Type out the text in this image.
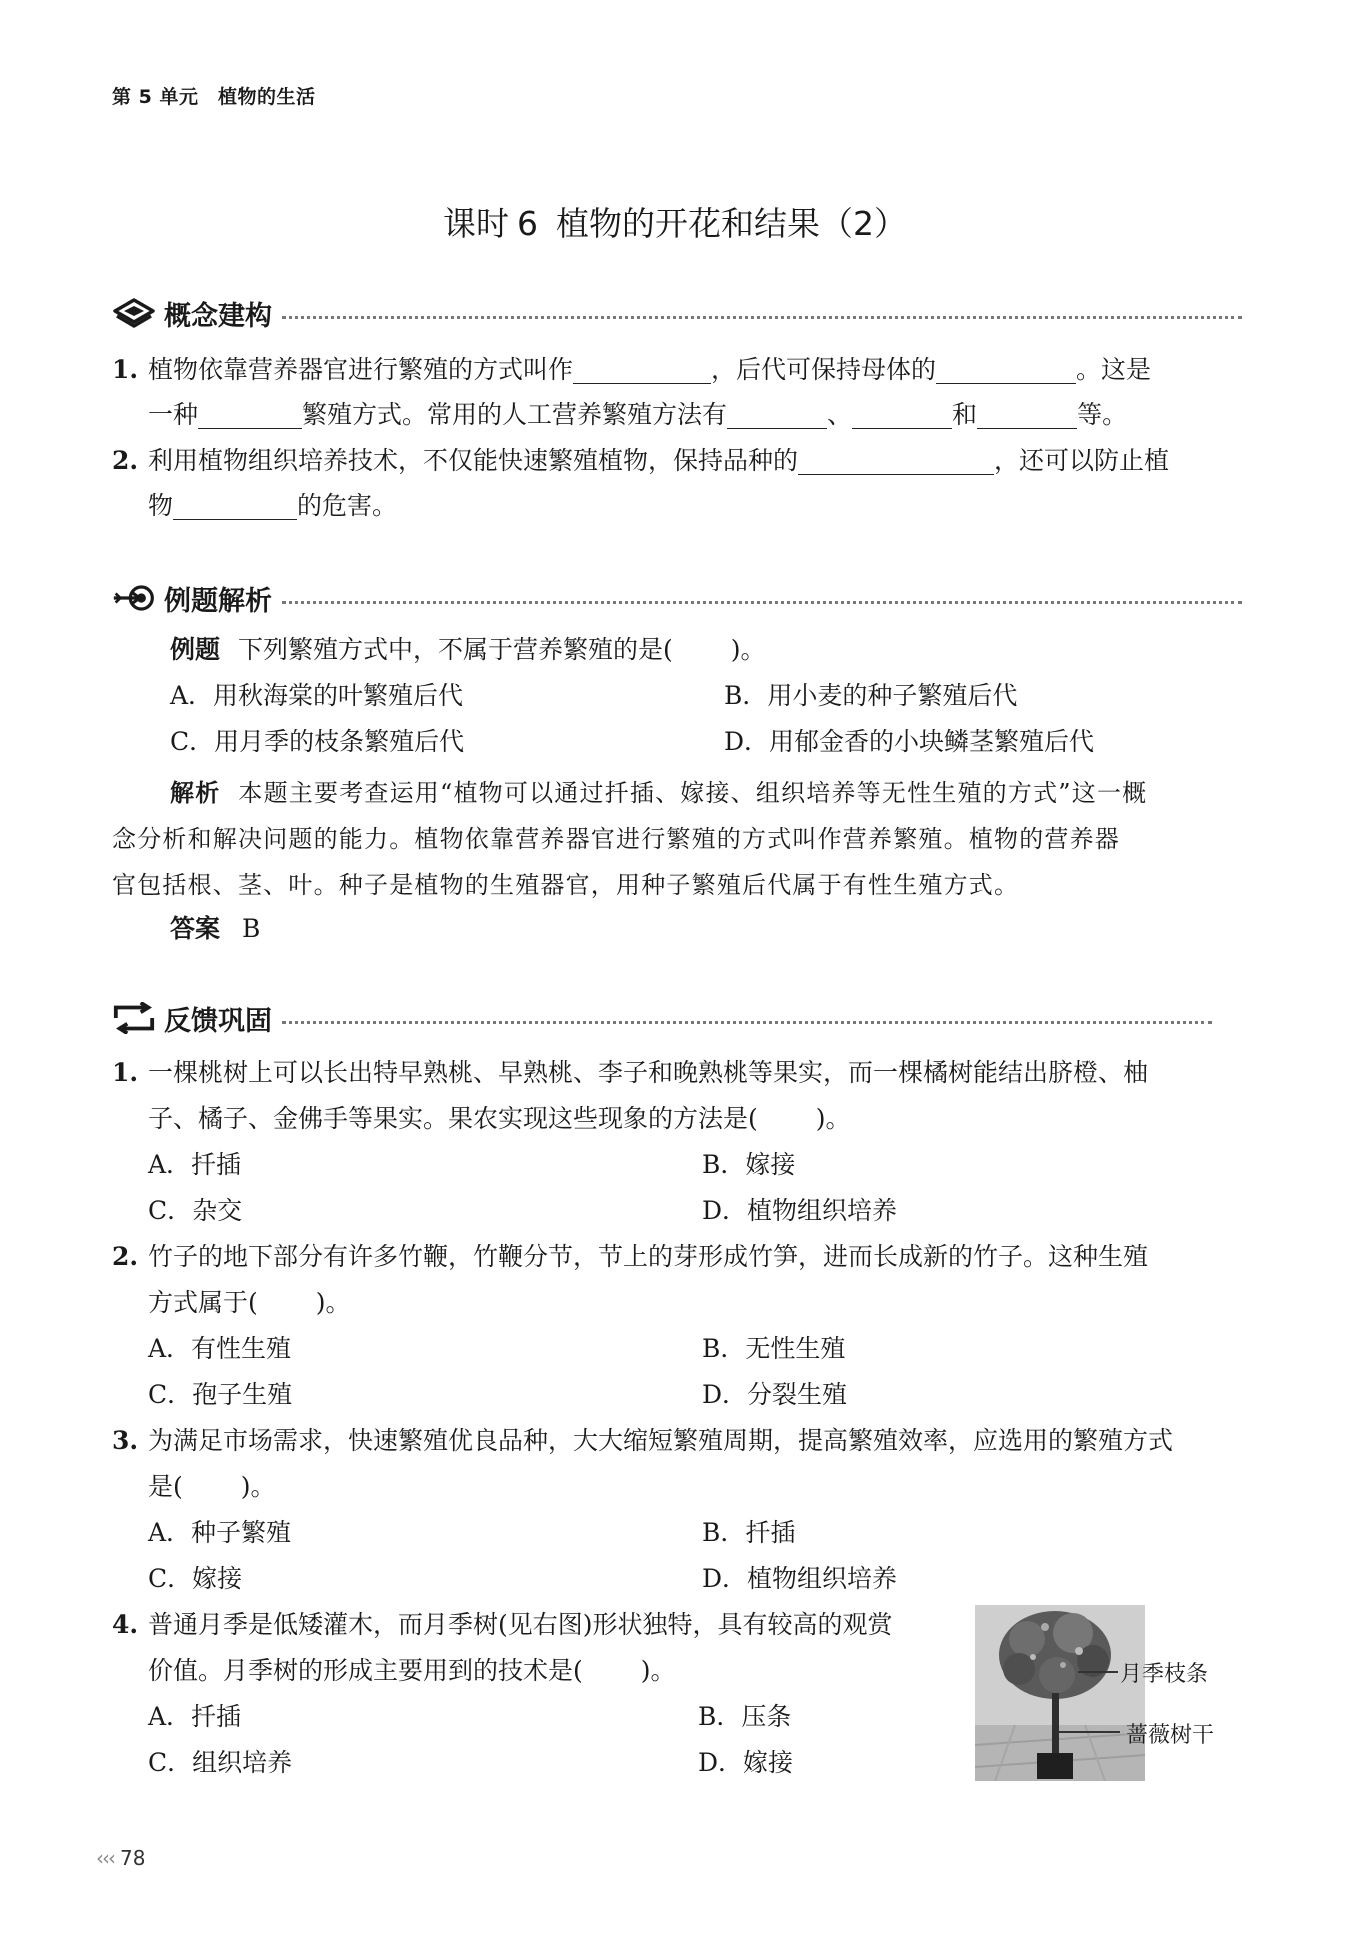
第 5 单元　植物的生活
课时 6 植物的开花和结果（2）
概念建构
1. 植物依靠营养器官进行繁殖的方式叫作	，后代可保持母体的	。这是
一种	繁殖方式。常用的人工营养繁殖方法有	、	和	等。
2. 利用植物组织培养技术，不仅能快速繁殖植物，保持品种的	，还可以防止植
物	的危害。
例题解析
例题 下列繁殖方式中，不属于营养繁殖的是( )。
A．用秋海棠的叶繁殖后代	B．用小麦的种子繁殖后代
C．用月季的枝条繁殖后代	D．用郁金香的小块鳞茎繁殖后代
解析 本题主要考查运用“植物可以通过扦插、嫁接、组织培养等无性生殖的方式”这一概
念分析和解决问题的能力。植物依靠营养器官进行繁殖的方式叫作营养繁殖。植物的营养器
官包括根、茎、叶。种子是植物的生殖器官，用种子繁殖后代属于有性生殖方式。
答案 B
反馈巩固
1. 一棵桃树上可以长出特早熟桃、早熟桃、李子和晚熟桃等果实，而一棵橘树能结出脐橙、柚
子、橘子、金佛手等果实。果农实现这些现象的方法是( )。
A．扦插	B．嫁接
C．杂交	D．植物组织培养
2. 竹子的地下部分有许多竹鞭，竹鞭分节，节上的芽形成竹笋，进而长成新的竹子。这种生殖
方式属于( )。
A．有性生殖	B．无性生殖
C．孢子生殖	D．分裂生殖
3. 为满足市场需求，快速繁殖优良品种，大大缩短繁殖周期，提高繁殖效率，应选用的繁殖方式
是( )。
A．种子繁殖	B．扦插
C．嫁接	D．植物组织培养
4. 普通月季是低矮灌木，而月季树(见右图)形状独特，具有较高的观赏
价值。月季树的形成主要用到的技术是( )。
A．扦插	B．压条
C．组织培养	D．嫁接
月季枝条
蔷薇树干
‹‹‹ 78
